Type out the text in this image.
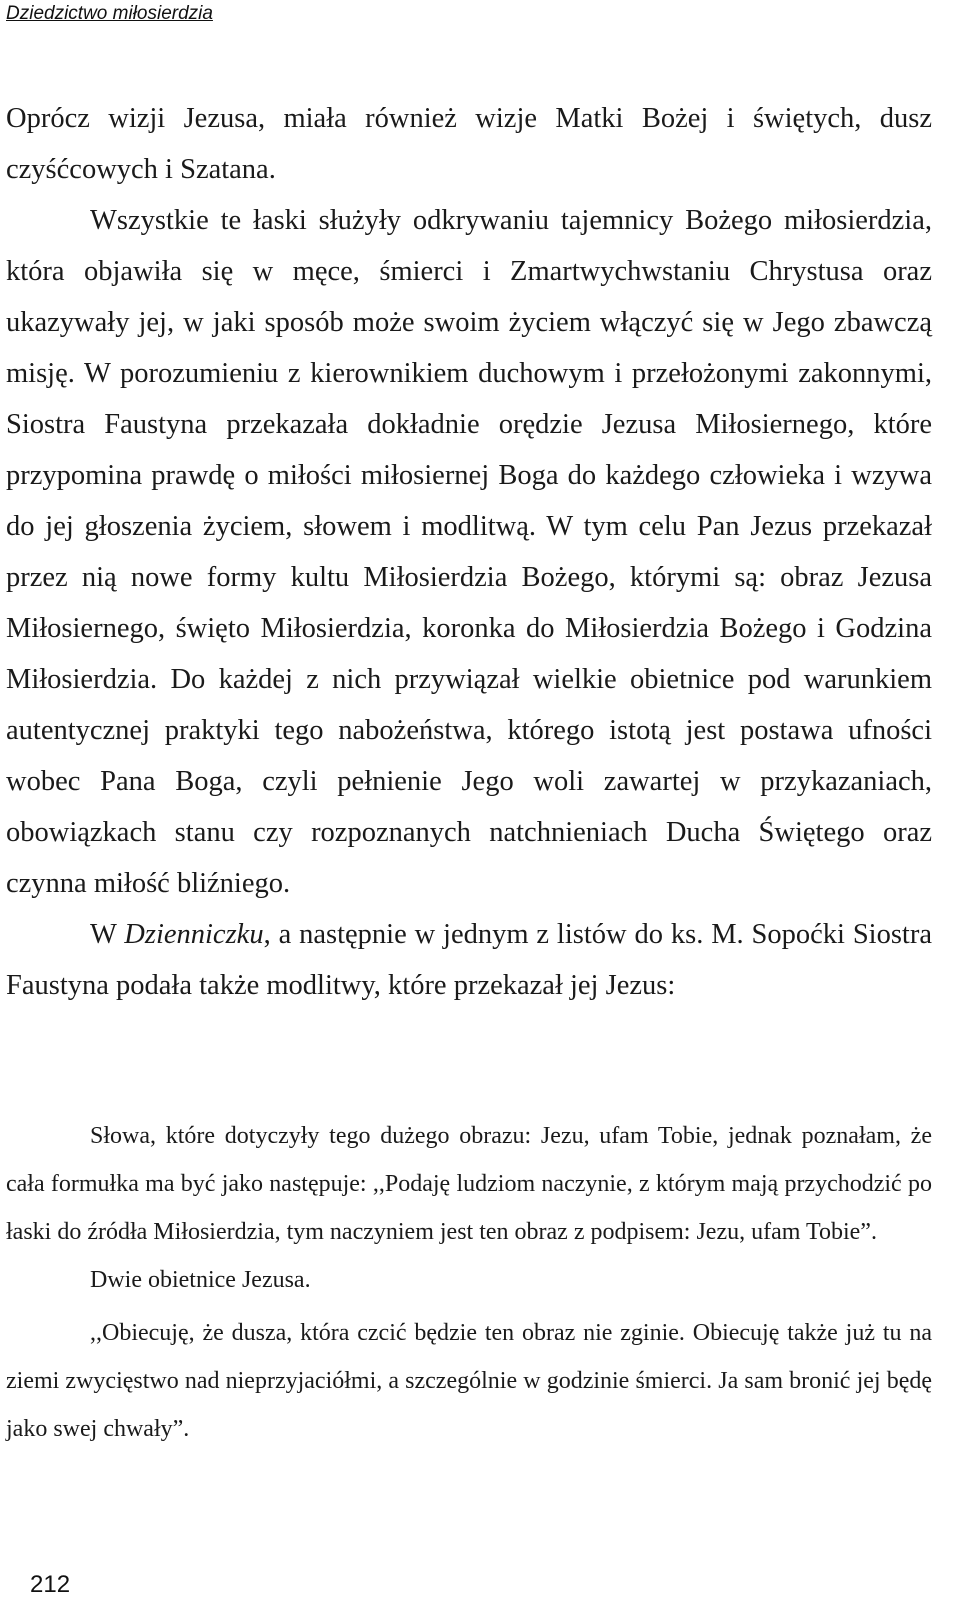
Dziedzictwo miłosierdzia

Oprócz wizji Jezusa, miała również wizje Matki Bożej i świętych, dusz czyśćcowych i Szatana.

Wszystkie te łaski służyły odkrywaniu tajemnicy Bożego miłosierdzia, która objawiła się w męce, śmierci i Zmartwychwstaniu Chrystusa oraz ukazywały jej, w jaki sposób może swoim życiem włączyć się w Jego zbawczą misję. W porozumieniu z kierownikiem duchowym i przełożonymi zakonnymi, Siostra Faustyna przekazała dokładnie orędzie Jezusa Miłosiernego, które przypomina prawdę o miłości miłosiernej Boga do każdego człowieka i wzywa do jej głoszenia życiem, słowem i modlitwą. W tym celu Pan Jezus przekazał przez nią nowe formy kultu Miłosierdzia Bożego, którymi są: obraz Jezusa Miłosiernego, święto Miłosierdzia, koronka do Miłosierdzia Bożego i Godzina Miłosierdzia. Do każdej z nich przywiązał wielkie obietnice pod warunkiem autentycznej praktyki tego nabożeństwa, którego istotą jest postawa ufności wobec Pana Boga, czyli pełnienie Jego woli zawartej w przykazaniach, obowiązkach stanu czy rozpoznanych natchnieniach Ducha Świętego oraz czynna miłość bliźniego.

W Dzienniczku, a następnie w jednym z listów do ks. M. Sopoćki Siostra Faustyna podała także modlitwy, które przekazał jej Jezus:

Słowa, które dotyczyły tego dużego obrazu: Jezu, ufam Tobie, jednak poznałam, że cała formułka ma być jako następuje: ,,Podaję ludziom naczynie, z którym mają przychodzić po łaski do źródła Miłosierdzia, tym naczyniem jest ten obraz z podpisem: Jezu, ufam Tobie”.

Dwie obietnice Jezusa.

,,Obiecuję, że dusza, która czcić będzie ten obraz nie zginie. Obiecuję także już tu na ziemi zwycięstwo nad nieprzyjaciółmi, a szczególnie w godzinie śmierci. Ja sam bronić jej będę jako swej chwały”.

212
